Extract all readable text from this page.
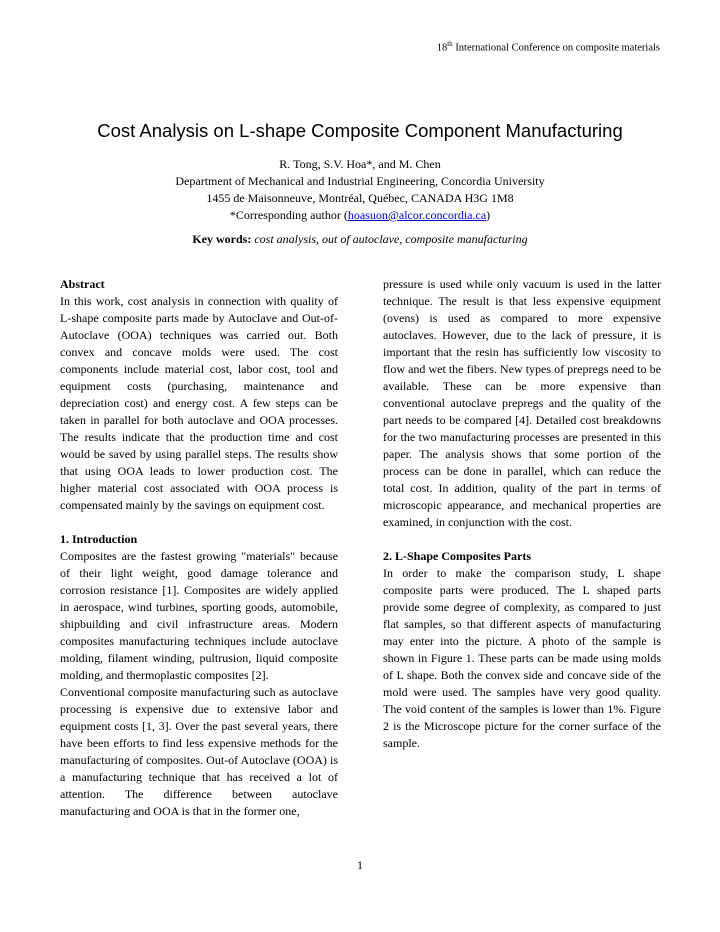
18th International Conference on composite materials
Cost Analysis on L-shape Composite Component Manufacturing
R. Tong, S.V. Hoa*, and M. Chen
Department of Mechanical and Industrial Engineering, Concordia University
1455 de Maisonneuve, Montréal, Québec, CANADA H3G 1M8
*Corresponding author (hoasuon@alcor.concordia.ca)
Key words: cost analysis, out of autoclave, composite manufacturing
Abstract

In this work, cost analysis in connection with quality of L-shape composite parts made by Autoclave and Out-of-Autoclave (OOA) techniques was carried out. Both convex and concave molds were used. The cost components include material cost, labor cost, tool and equipment costs (purchasing, maintenance and depreciation cost) and energy cost. A few steps can be taken in parallel for both autoclave and OOA processes. The results indicate that the production time and cost would be saved by using parallel steps. The results show that using OOA leads to lower production cost. The higher material cost associated with OOA process is compensated mainly by the savings on equipment cost.

1. Introduction

Composites are the fastest growing "materials" because of their light weight, good damage tolerance and corrosion resistance [1]. Composites are widely applied in aerospace, wind turbines, sporting goods, automobile, shipbuilding and civil infrastructure areas. Modern composites manufacturing techniques include autoclave molding, filament winding, pultrusion, liquid composite molding, and thermoplastic composites [2].

Conventional composite manufacturing such as autoclave processing is expensive due to extensive labor and equipment costs [1, 3]. Over the past several years, there have been efforts to find less expensive methods for the manufacturing of composites. Out-of Autoclave (OOA) is a manufacturing technique that has received a lot of attention. The difference between autoclave manufacturing and OOA is that in the former one,

pressure is used while only vacuum is used in the latter technique. The result is that less expensive equipment (ovens) is used as compared to more expensive autoclaves. However, due to the lack of pressure, it is important that the resin has sufficiently low viscosity to flow and wet the fibers. New types of prepregs need to be available. These can be more expensive than conventional autoclave prepregs and the quality of the part needs to be compared [4]. Detailed cost breakdowns for the two manufacturing processes are presented in this paper. The analysis shows that some portion of the process can be done in parallel, which can reduce the total cost. In addition, quality of the part in terms of microscopic appearance, and mechanical properties are examined, in conjunction with the cost.

2. L-Shape Composites Parts

In order to make the comparison study, L shape composite parts were produced. The L shaped parts provide some degree of complexity, as compared to just flat samples, so that different aspects of manufacturing may enter into the picture. A photo of the sample is shown in Figure 1. These parts can be made using molds of L shape. Both the convex side and concave side of the mold were used. The samples have very good quality. The void content of the samples is lower than 1%. Figure 2 is the Microscope picture for the corner surface of the sample.

1
